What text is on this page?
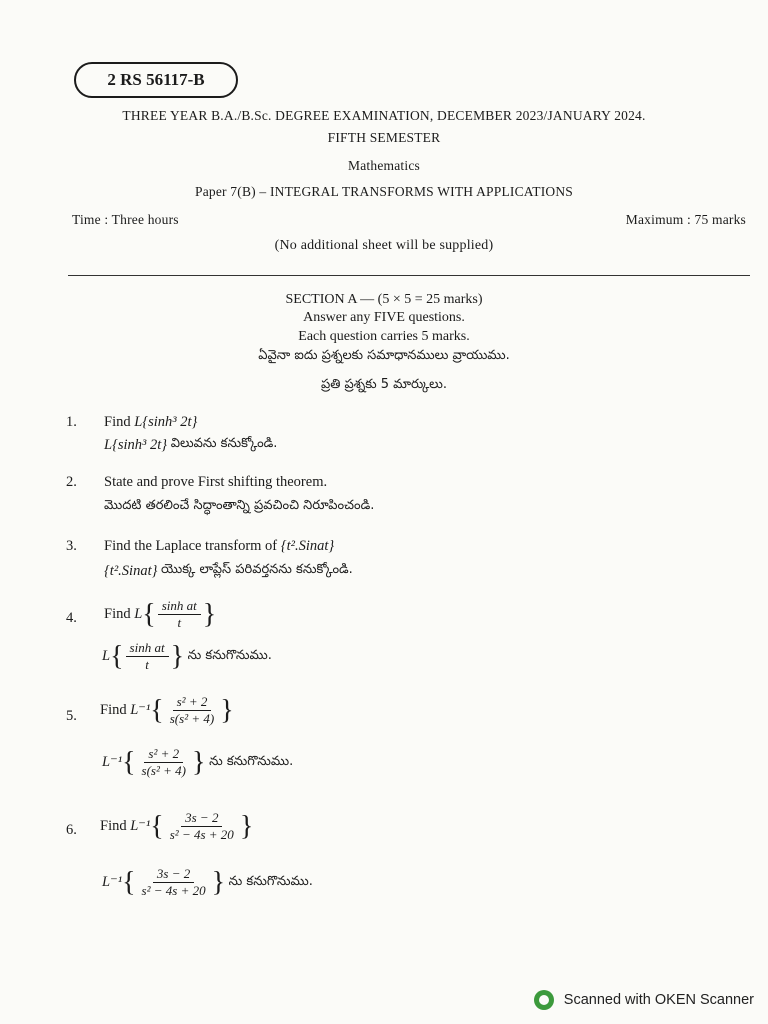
2 RS 56117-B
THREE YEAR B.A./B.Sc. DEGREE EXAMINATION, DECEMBER 2023/JANUARY 2024.
FIFTH SEMESTER
Mathematics
Paper 7(B) – INTEGRAL TRANSFORMS WITH APPLICATIONS
Time : Three hours	Maximum : 75 marks
(No additional sheet will be supplied)
SECTION A — (5 × 5 = 25 marks)
Answer any FIVE questions.
Each question carries 5 marks.
ఏవైనా ఐదు ప్రశ్నలకు సమాధానములు వ్రాయుము.
ప్రతి ప్రశ్నకు 5 మార్కులు.
1. Find
L{sinh³ 2t}
L{sinh³ 2t}
విలువను కనుక్కోండి.
2. State and prove First shifting theorem.
మొదటి తరలించే సిద్ధాంతాన్ని ప్రవచించి నిరూపించండి.
3. Find the Laplace transform of
{t².Sinat}
{t².Sinat}
యొక్క లాప్లేస్ పరివర్తనను కనుక్కోండి.
4. Find
L { $\frac{\text{sinh at}}{t}$ }
L { $\frac{\text{sinh at}}{t}$ }
ను కనుగొనుము.
5. Find
L⁻¹ { $\frac{\text{s² + 2}}{\text{s(s² + 4)}}$ }
L⁻¹ { $\frac{\text{s² + 2}}{\text{s(s² + 4)}}$ }
ను కనుగొనుము.
6. Find
L⁻¹ { $\frac{3s - 2}{\text{s² − 4s + 20}}$ }
L⁻¹ { $\frac{3s - 2}{\text{s² − 4s + 20}}$ }
ను కనుగొనుము.
Scanned with OKEN Scanner
